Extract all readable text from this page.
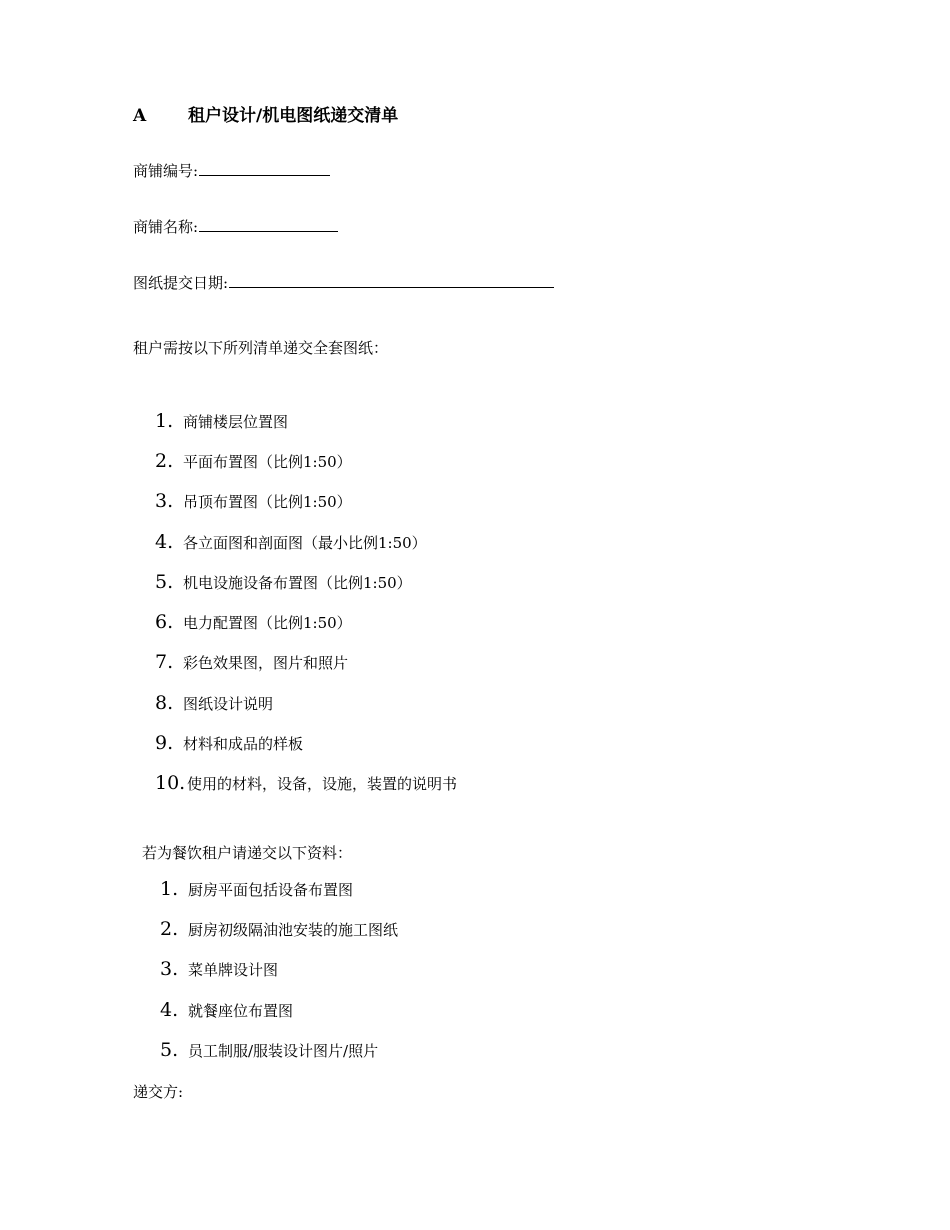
A 租户设计/机电图纸递交清单
商铺编号:
商铺名称:
图纸提交日期:
租户需按以下所列清单递交全套图纸：
1. 商铺楼层位置图
2. 平面布置图（比例1:50）
3. 吊顶布置图（比例1:50）
4. 各立面图和剖面图（最小比例1:50）
5. 机电设施设备布置图（比例1:50）
6. 电力配置图（比例1:50）
7. 彩色效果图，图片和照片
8. 图纸设计说明
9. 材料和成品的样板
10. 使用的材料，设备，设施，装置的说明书
若为餐饮租户请递交以下资料：
1. 厨房平面包括设备布置图
2. 厨房初级隔油池安装的施工图纸
3. 菜单牌设计图
4. 就餐座位布置图
5. 员工制服/服装设计图片/照片
递交方:
